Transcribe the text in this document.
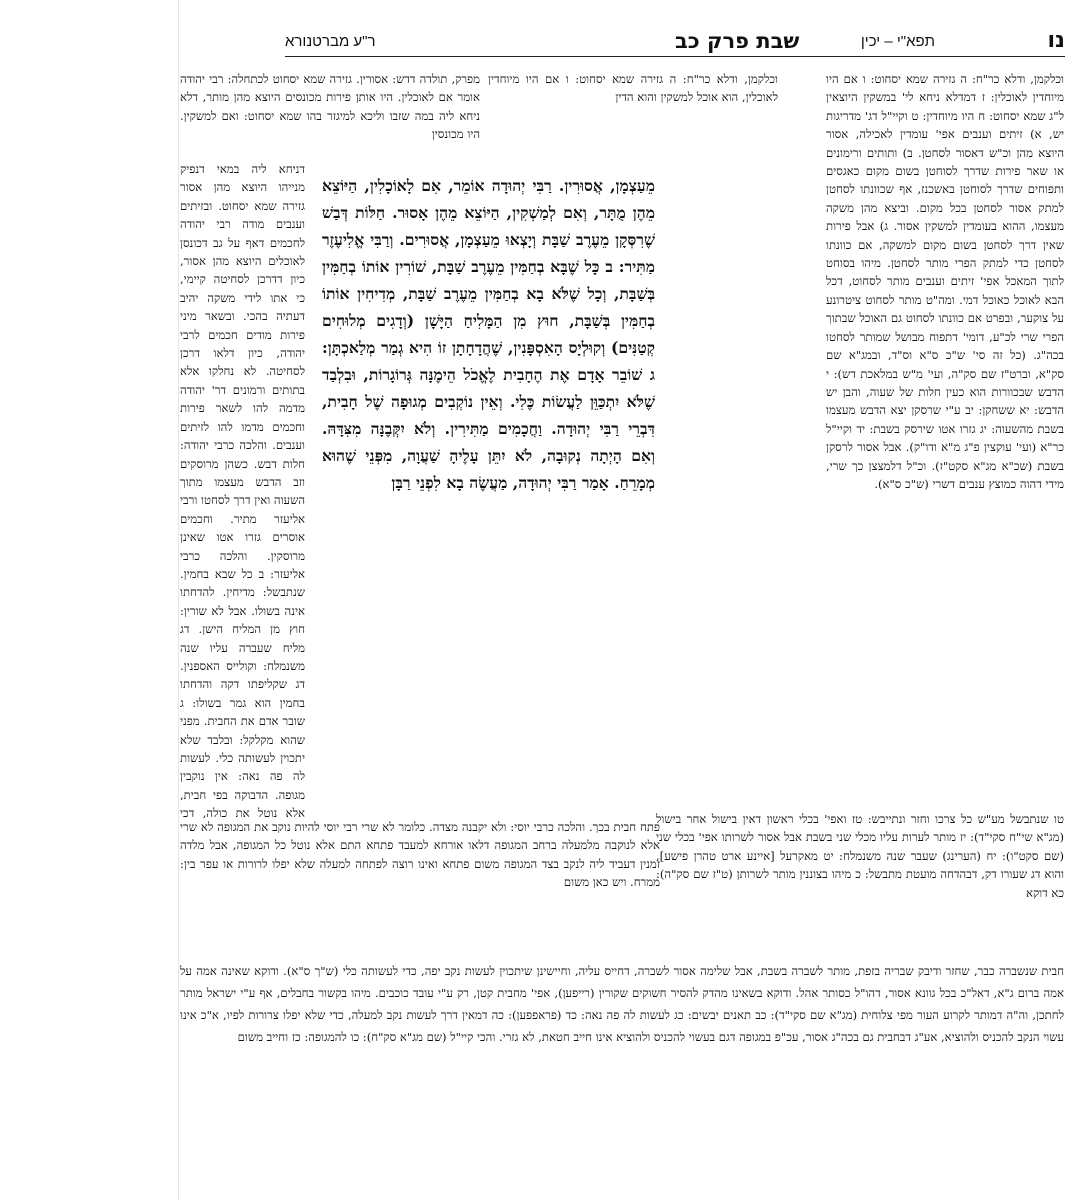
נו
תפא"י – יכין
שבת פרק כב
ר"ע מברטנורא

וכלקמן, ודלא כר"ח: ה גזירה שמא יסחוט: ו אם היו מיוחדין לאוכלין: ז דמדלא ניחא לי' במשקין היוצאין ל"ג שמא יסחוט: ח היו מיוחדין: ט וקיי"ל דג' מדריגות יש, א) זיתים וענבים אפי' עומדין לאכילה, אסור היוצא מהן וכ"ש דאסור לסחטן. ב) ותותים ורימונים או שאר פירות שדרך לסוחטן בשום מקום כאגסים ותפוחים שדרך לסוחטן באשכנז, אף שכוונתו לסחטן למתק אסור לסחטן בכל מקום. וביצא מהן משקה מעצמו, ההוא בעומדין למשקין אסור. ג) אבל פירות שאין דרך לסחטן בשום מקום למשקה, אם כוונתו לסחטן כדי למתק הפרי מותר לסחטן. מיהו בסוחט לתוך המאכל אפי' זיתים וענבים מותר לסחוט, דכל הבא לאוכל כאוכל דמי. ומה"ט מותר לסחוט ציטרונע על צוקער, ובפרט אם כוונתו לסחוט גם האוכל שבתוך הפרי שרי לכ"ע, דומי' דתפוח מבושל שמותר לסחטו בכה"ג. (כל זה סי' ש"כ ס"א וס"ד, ובמג"א שם סק"א, וברט"ז שם סק"ה, ועי' מ"ש במלאכת דש): י הדבש שבכוורות הוא כעין חלות של שעוה, והבן יש הדבש: יא ששחקן: יב ע"י שרסקן יצא הדבש מעצמו בשבת מהשעוה: יג גזרו אטו שירסק בשבת: יד וקיי"ל כר"א (ועי' עוקצין פ"ג מ"א ודו"ק). אבל אסור לרסקן בשבת (שכ"א מג"א סקט"ז). וכ"ל דלמצצן כך שרי, מידי דהוה כמוצץ ענבים דשרי (ש"כ ס"א).

וכלקמן, ודלא כר"ח: ה גזירה שמא יסחוט: ו אם היו מיוחדין לאוכלין, הוא אוכל למשקין והוא הדין

מפרק, תולדה דדש: אסורין. גזירה שמא יסחוט לכתחלה: רבי יהודה אומר אם לאוכלין. היו אותן פירות מכונסים היוצא מהן מותר, דלא ניחא ליה במה שזבו וליכא למיגזר בהו שמא יסחוט: ואם למשקין. היו מכונסין

דניחא ליה במאי דנפיק מנייהו היוצא מהן אסור גזירה שמא יסחוט. ובזיתים וענבים מודה רבי יהודה לחכמים דאף על גב דכונסן לאוכלים היוצא מהן אסור, כיון דדרכן לסחיטה קיימי, כי אתו לידי משקה יהיב דעתיה בהכי. ובשאר מיני פירות מודים חכמים לרבי יהודה, כיון דלאו דרכן לסחיטה. לא נחלקו אלא בתותים ורמונים דר' יהודה מדמה להו לשאר פירות וחכמים מדמו להו לזיתים וענבים. והלכה כרבי יהודה: חלות דבש. כשהן מרוסקים וזב הדבש מעצמו מתוך השעוה ואין דרך לסחטו ורבי אליעזר מתיר. וחכמים אוסרים גזרו אטו שאינן מרוסקין. והלכה כרבי אליעזר: ב כל שבא בחמין. שנתבשל: מדיחין. להדחתו אינה בשולו. אבל לא שורין: חוץ מן המליח הישן. דג מליח שעברה עליו שנה משנמלח: וקולייס האספנין. דג שקליפתו דקה והדחתו בחמין הוא גמר בשולו: ג שובר אדם את החבית. מפני שהוא מקלקל: ובלבד שלא יתכוין לעשותה כלי. לעשות לה פה נאה: אין נוקבין מגופה. הדבוקה בפי חבית, אלא נוטל את כולה, דכי

מֵעַצְמָן, אֲסוּרִין. רַבִּי יְהוּדָה אוֹמֵר, אִם לָאוֹכָלִין, הַיּוֹצֵא מֵהֶן מֻתָּר, וְאִם לְמַשְׁקִין, הַיּוֹצֵא מֵהֶן אָסוּר. חַלּוֹת דְּבַשׁ שֶׁרִסְּקָן מֵעֶרֶב שַׁבָּת וְיָצְאוּ מֵעַצְמָן, אֲסוּרִים. וְרַבִּי אֱלִיעֶזֶר מַתִּיר: ב כָּל שֶׁבָּא בְחַמִּין מֵעֶרֶב שַׁבָּת, שׁוֹרִין אוֹתוֹ בְחַמִּין בְּשַׁבָּת, וְכָל שֶׁלֹּא בָא בְחַמִּין מֵעֶרֶב שַׁבָּת, מְדִיחִין אוֹתוֹ בְחַמִּין בְּשַׁבָּת, חוּץ מִן הַמָּלִיחַ הַיָּשָׁן (וְדָגִים מְלוּחִים קְטַנִּים) וְקוּלְיָס הָאִסְפָּנִין, שֶׁהֲדָחָתָן זוֹ הִיא גְמַר מְלַאכְתָּן: ג שׁוֹבֵר אָדָם אֶת הֶחָבִית לֶאֱכֹל הֵימֶנָּה גְּרוֹגָרוֹת, וּבִלְבַד שֶׁלֹּא יִתְכַּוֵּן לַעֲשׂוֹת כֶּלִי. וְאֵין נוֹקְבִים מְגוּפָה שֶׁל חָבִית, דִּבְרֵי רַבִּי יְהוּדָה. וַחֲכָמִים מַתִּירִין. וְלֹא יִקְּבֶנָּה מִצִּדָּהּ. וְאִם הָיְתָה נְקוּבָה, לֹא יִתֵּן עָלֶיהָ שַׁעֲוָה, מִפְּנֵי שֶׁהוּא מְמָרֵחַ. אָמַר רַבִּי יְהוּדָה, מַעֲשֶׂה בָא לִפְנֵי רַבָּן

פתח חבית בכך. והלכה כרבי יוסי: ולא יקבנה מצדה. כלומר לא שרי רבי יוסי להיות נוקב את המגופה לא שרי אלא לנוקבה מלמעלה ברחב המגופה דלאו אורחא למעבד פתחא התם אלא נוטל כל המגופה, אבל מלדה זמנין דעביד ליה לנקב בצד המגופה משום פתחא ואינו רוצה לפתחה למעלה שלא יפלו לרורות או עפר בין: ממרח. ויש כאן משום

טו שנתבשל מע"ש כל צרכו וחזר ונתייבש: טז ואפי' בכלי ראשון דאין בישול אחר בישול (מג"א שי"ח סקי"ד): יז מותר לערות עליו מכלי שני בשבת אבל אסור לשרותו אפי' בכלי שני (שם סקט"ו): יח (הערינג) שעבר שנה משנמלח: יט מאקרעל [איינע ארט טהרן פישע], והוא דג שעורו דק, דבהדחה מועטת מתבשל: כ מיהו בצוננין מותר לשרותן (ט"ז שם סק"ה): כא דוקא

חבית שנשברה כבר, שחזר ודיבק שבריה בזפת, מותר לשברה בשבת, אבל שלימה אסור לשברה, דחייס עליה, וחיישינן שיתכוין לעשות נקב יפה, כדי לעשותה כלי (ש"ך ס"א). ודוקא שאינה אמה על אמה ברום ג"א, דאל"כ בכל גוונא אסור, דהו"ל כסותר אהל. ודוקא בשאינו מהדק להסיר חשוקים שקורין (רייפען), אפי' מחבית קטן, רק ע"י עובד כוכבים. מיהו בקשור בחבלים, אף ע"י ישראל מותר לחתכן, וה"ה דמותר לקרוע העור מפי צלוחית (מג"א שם סקי"ד): כב תאנים יבשים: כג לעשות לה פה נאה: כד (פראפפען): כה דמאין דרך לעשות נקב למעלה, כדי שלא יפלו צרורות לפיו, א"כ אינו עשוי הנקב להכניס ולהוציא, אע"ג דבחבית גם בכה"ג אסור, עכ"פ במגופה דגם בעשוי להכניס ולהוציא אינו חייב חטאת, לא גזרי. והכי קיי"ל (שם מג"א סק"ח): כו להמגופה: כז וחייב משום
